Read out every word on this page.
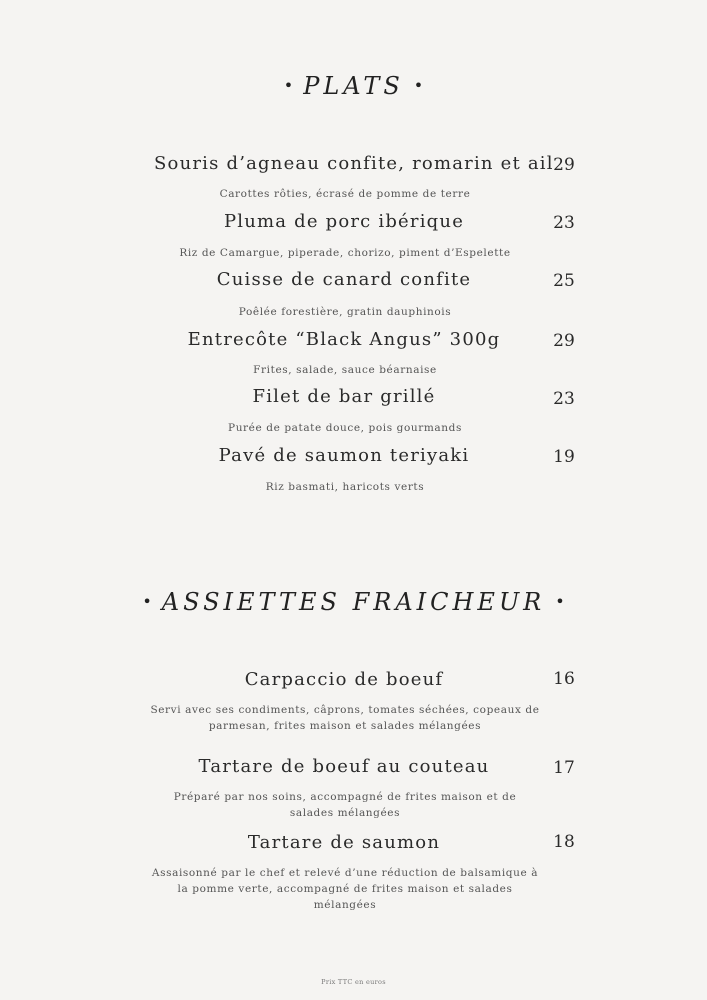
• PLATS •
Souris d’agneau confite, romarin et ail 29
Carottes rôties, écrasé de pomme de terre
Pluma de porc ibérique	23
Riz de Camargue, piperade, chorizo, piment d’Espelette
Cuisse de canard confite	25
Poêlée forestière, gratin dauphinois
Entrecôte “Black Angus” 300g	29
Frites, salade, sauce béarnaise
Filet de bar grillé	23
Purée de patate douce, pois gourmands
Pavé de saumon teriyaki	19
Riz basmati, haricots verts
• ASSIETTES FRAICHEUR •
Carpaccio de boeuf	16
Servi avec ses condiments, câprons, tomates séchées, copeaux de parmesan, frites maison et salades mélangées
Tartare de boeuf au couteau	17
Préparé par nos soins, accompagné de frites maison et de salades mélangées
Tartare de saumon	18
Assaisonné par le chef et relevé d’une réduction de balsamique à la pomme verte, accompagné de frites maison et salades mélangées
Prix TTC en euros
